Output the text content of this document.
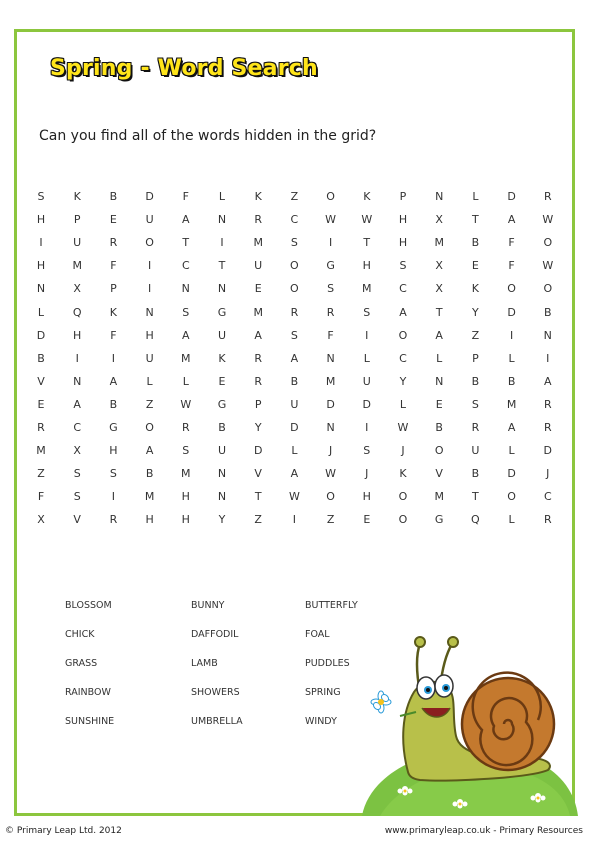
Spring - Word Search
Can you find all of the words hidden in the grid?
S	K	B	D	F	L	K	Z	O	K	P	N	L	D	R
H	P	E	U	A	N	R	C	W	W	H	X	T	A	W
I	U	R	O	T	I	M	S	I	T	H	M	B	F	O
H	M	F	I	C	T	U	O	G	H	S	X	E	F	W
N	X	P	I	N	N	E	O	S	M	C	X	K	O	O
L	Q	K	N	S	G	M	R	R	S	A	T	Y	D	B
D	H	F	H	A	U	A	S	F	I	O	A	Z	I	N
B	I	I	U	M	K	R	A	N	L	C	L	P	L	I
V	N	A	L	L	E	R	B	M	U	Y	N	B	B	A
E	A	B	Z	W	G	P	U	D	D	L	E	S	M	R
R	C	G	O	R	B	Y	D	N	I	W	B	R	A	R
M	X	H	A	S	U	D	L	J	S	J	O	U	L	D
Z	S	S	B	M	N	V	A	W	J	K	V	B	D	J
F	S	I	M	H	N	T	W	O	H	O	M	T	O	C
X	V	R	H	H	Y	Z	I	Z	E	O	G	Q	L	R
BLOSSOM	BUNNY	BUTTERFLY
CHICK	DAFFODIL	FOAL
GRASS	LAMB	PUDDLES
RAINBOW	SHOWERS	SPRING
SUNSHINE	UMBRELLA	WINDY
© Primary Leap Ltd. 2012	www.primaryleap.co.uk - Primary Resources
